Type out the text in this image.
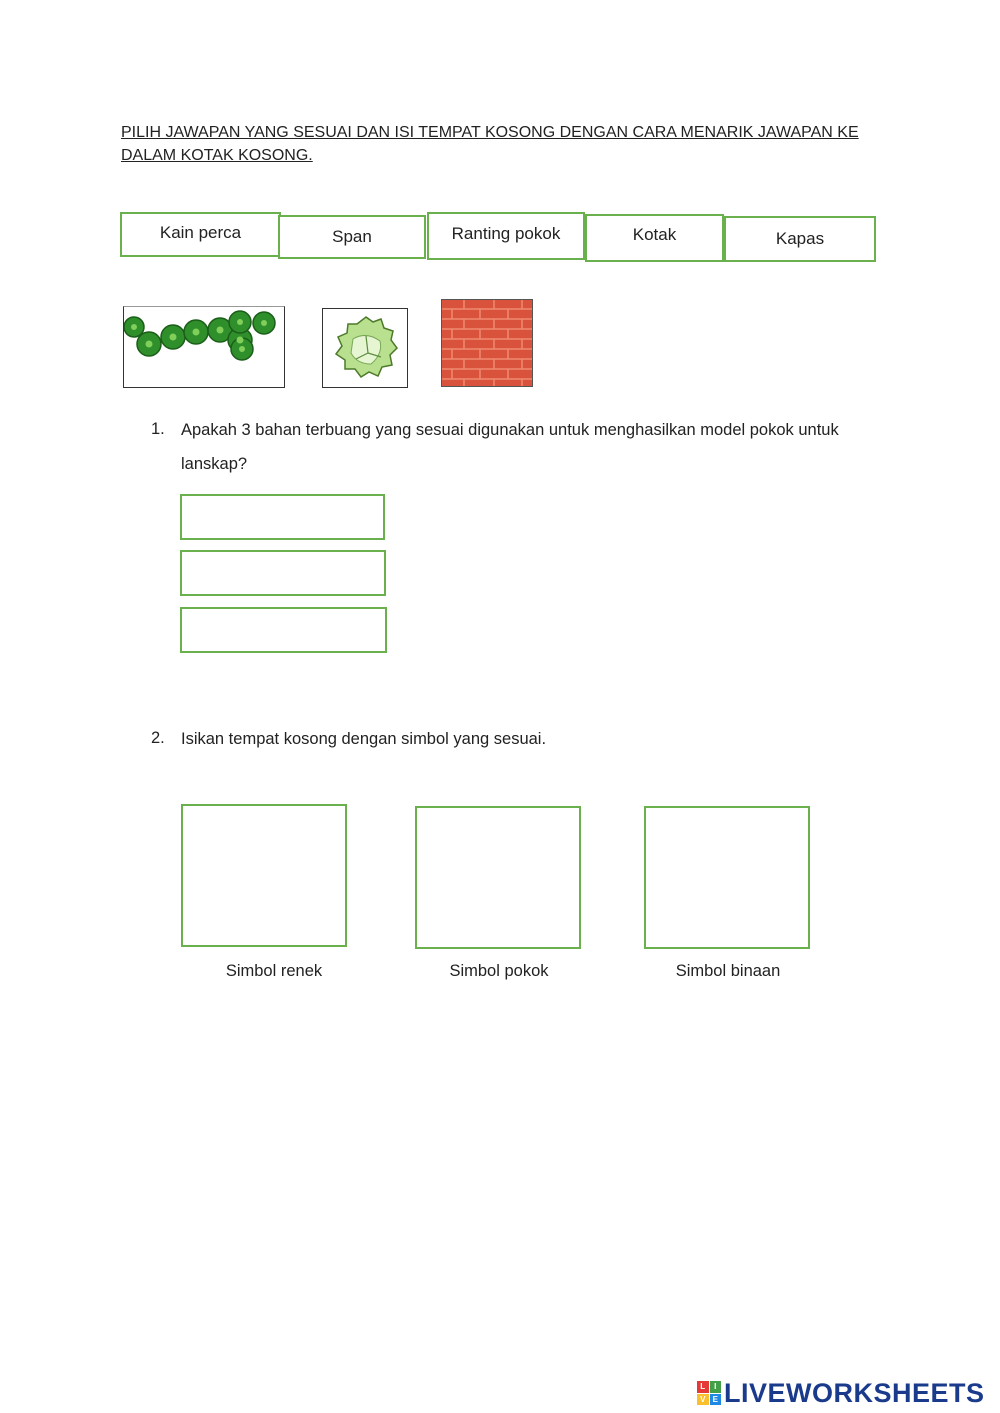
PILIH JAWAPAN YANG SESUAI DAN ISI TEMPAT KOSONG DENGAN CARA MENARIK JAWAPAN KE DALAM KOTAK KOSONG.
Kain perca	Span	Ranting pokok	Kotak	Kapas
1. Apakah 3 bahan terbuang yang sesuai digunakan untuk menghasilkan model pokok untuk lanskap?
2. Isikan tempat kosong dengan simbol yang sesuai.
Simbol renek	Simbol pokok	Simbol binaan
L	I
V E LIVEWORKSHEETS
